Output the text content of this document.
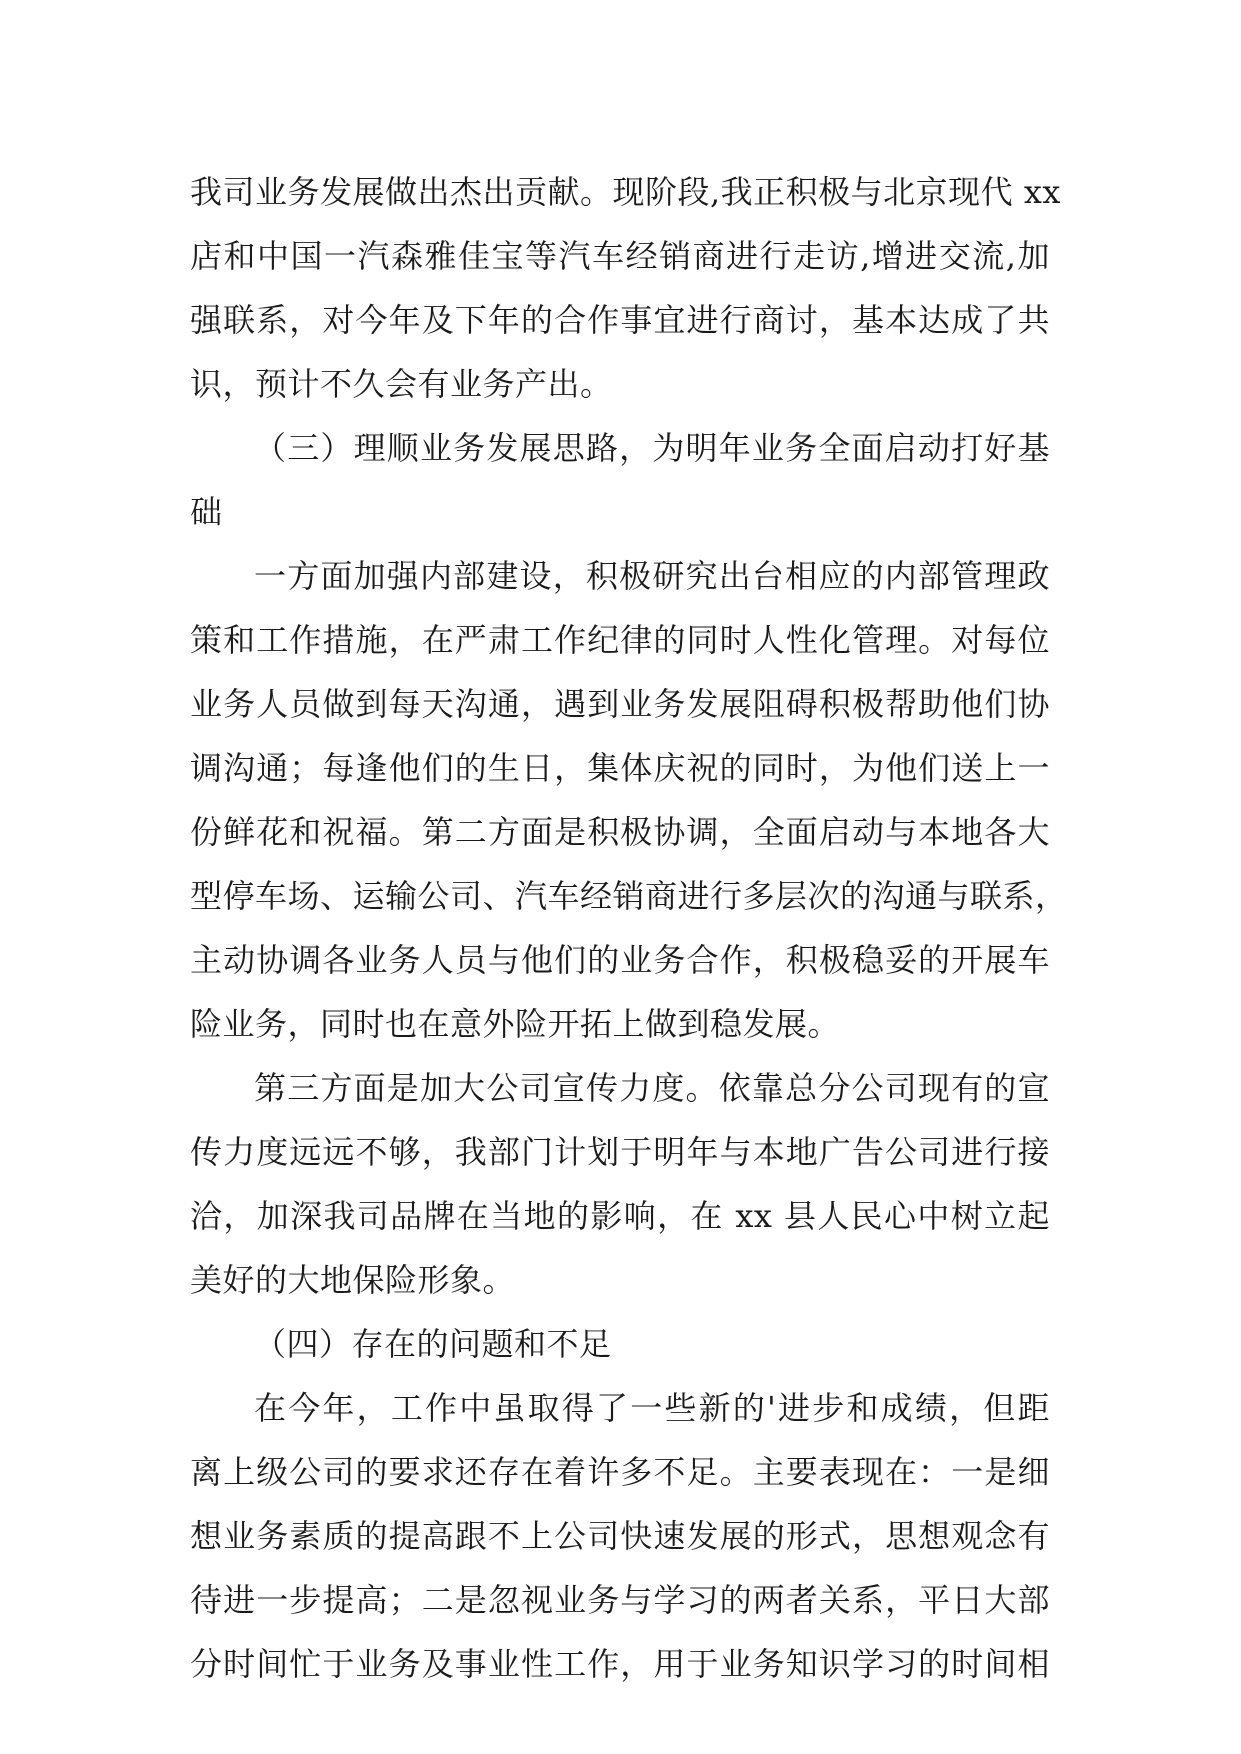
我司业务发展做出杰出贡献。现阶段,我正积极与北京现代 xx
店和中国一汽森雅佳宝等汽车经销商进行走访,增进交流,加
强联系，对今年及下年的合作事宜进行商讨，基本达成了共
识，预计不久会有业务产出。
（三）理顺业务发展思路，为明年业务全面启动打好基
础
一方面加强内部建设，积极研究出台相应的内部管理政
策和工作措施，在严肃工作纪律的同时人性化管理。对每位
业务人员做到每天沟通，遇到业务发展阻碍积极帮助他们协
调沟通；每逢他们的生日，集体庆祝的同时，为他们送上一
份鲜花和祝福。第二方面是积极协调，全面启动与本地各大
型停车场、运输公司、汽车经销商进行多层次的沟通与联系，
主动协调各业务人员与他们的业务合作，积极稳妥的开展车
险业务，同时也在意外险开拓上做到稳发展。
第三方面是加大公司宣传力度。依靠总分公司现有的宣
传力度远远不够，我部门计划于明年与本地广告公司进行接
洽，加深我司品牌在当地的影响，在 xx 县人民心中树立起
美好的大地保险形象。
（四）存在的问题和不足
在今年，工作中虽取得了一些新的'进步和成绩，但距
离上级公司的要求还存在着许多不足。主要表现在：一是细
想业务素质的提高跟不上公司快速发展的形式，思想观念有
待进一步提高；二是忽视业务与学习的两者关系，平日大部
分时间忙于业务及事业性工作，用于业务知识学习的时间相
